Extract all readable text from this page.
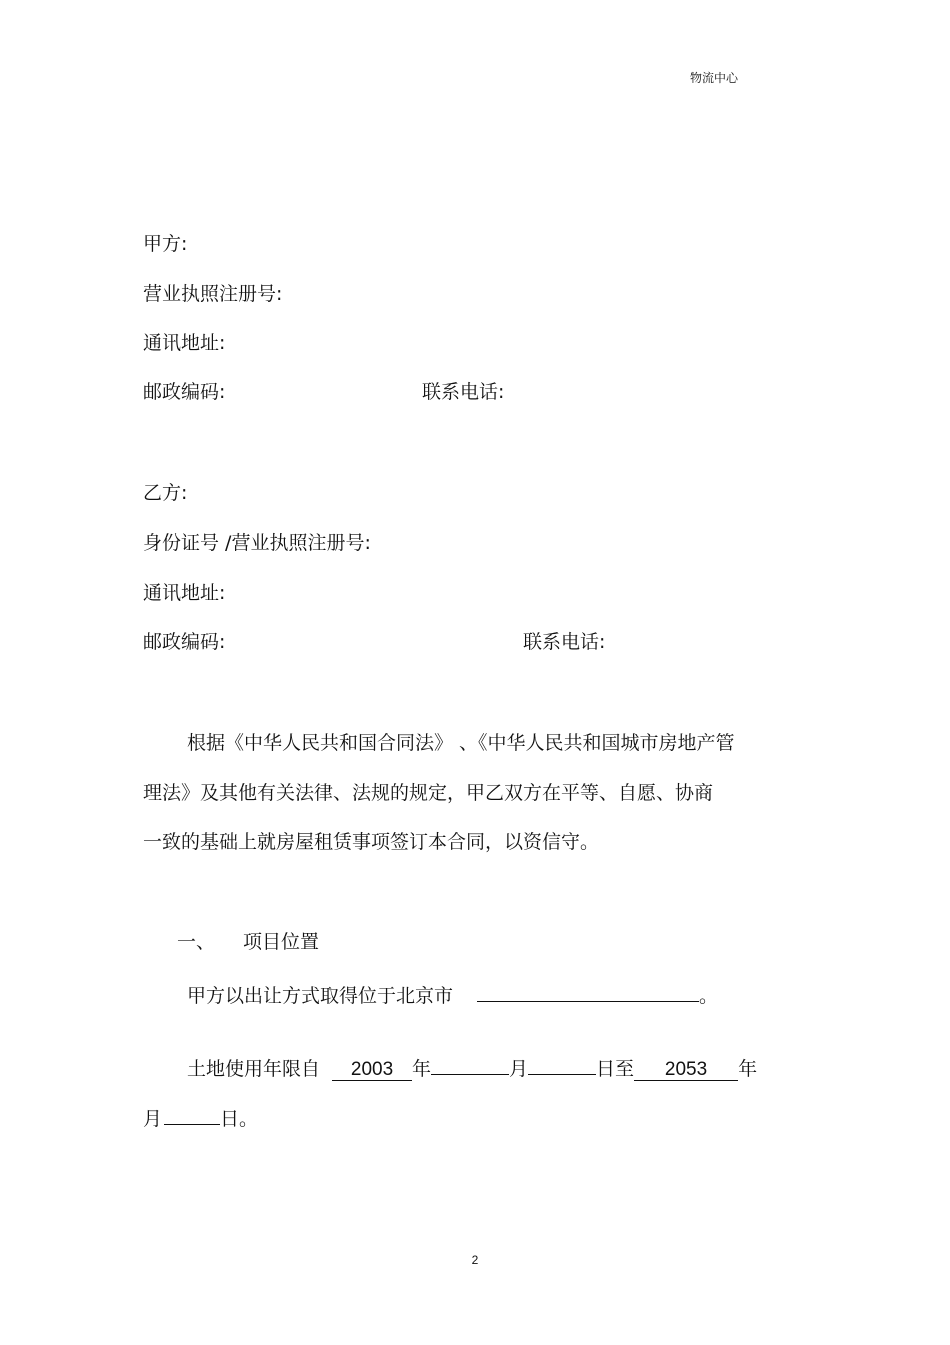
物流中心
甲方:
营业执照注册号:
通讯地址:
邮政编码:	联系电话:
乙方:
身份证号 /营业执照注册号:
通讯地址:
邮政编码:	联系电话:
根据《中华人民共和国合同法》 、《中华人民共和国城市房地产管
理法》及其他有关法律、法规的规定，甲乙双方在平等、自愿、协商
一致的基础上就房屋租赁事项签订本合同，以资信守。
一、 项目位置
甲方以出让方式取得位于北京市	。
土地使用年限自 2003 年	月	日至 2053 年
月	日。
2
